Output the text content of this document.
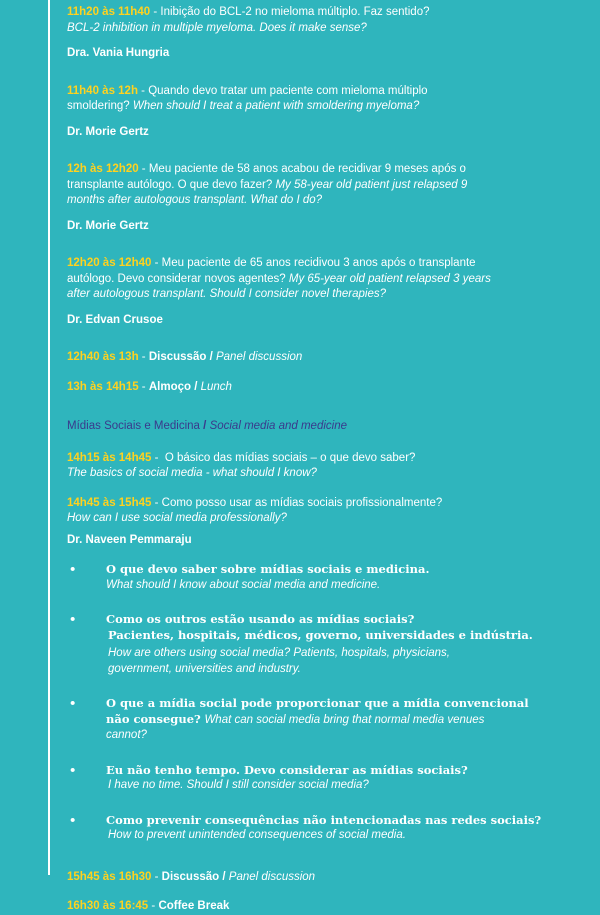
11h20 às 11h40 - Inibição do BCL-2 no mieloma múltiplo. Faz sentido?

BCL-2 inhibition in multiple myeloma. Does it make sense?

Dra. Vania Hungria

11h40 às 12h - Quando devo tratar um paciente com mieloma múltiplo

smoldering? When should I treat a patient with smoldering myeloma?

Dr. Morie Gertz

12h às 12h20 - Meu paciente de 58 anos acabou de recidivar 9 meses após o

transplante autólogo. O que devo fazer? My 58-year old patient just relapsed 9

months after autologous transplant. What do I do?

Dr. Morie Gertz

12h20 às 12h40 - Meu paciente de 65 anos recidivou 3 anos após o transplante

autólogo. Devo considerar novos agentes? My 65-year old patient relapsed 3 years

after autologous transplant. Should I consider novel therapies?

Dr. Edvan Crusoe

12h40 às 13h - Discussão / Panel discussion

13h às 14h15 - Almoço / Lunch

Mídias Sociais e Medicina / Social media and medicine

14h15 às 14h45 -  O básico das mídias sociais – o que devo saber?

The basics of social media - what should I know?

14h45 às 15h45 - Como posso usar as mídias sociais profissionalmente?

How can I use social media professionally?

Dr. Naveen Pemmaraju

•	O que devo saber sobre mídias sociais e medicina.
What should I know about social media and medicine.
•	Como os outros estão usando as mídias sociais?
Pacientes, hospitais, médicos, governo, universidades e indústria.
How are others using social media? Patients, hospitals, physicians,
government, universities and industry.
•	O que a mídia social pode proporcionar que a mídia convencional
não consegue? What can social media bring that normal media venues
cannot?
•	Eu não tenho tempo. Devo considerar as mídias sociais?
I have no time. Should I still consider social media?
•	Como prevenir consequências não intencionadas nas redes sociais?
How to prevent unintended consequences of social media.

15h45 às 16h30 - Discussão / Panel discussion

16h30 às 16:45 - Coffee Break
